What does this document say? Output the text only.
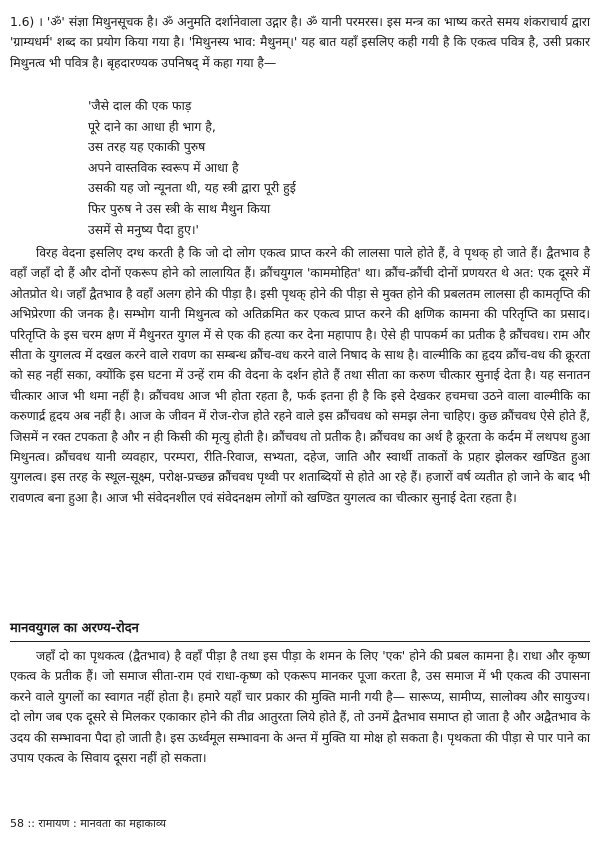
1.6) । 'ॐ' संज्ञा मिथुनसूचक है। ॐ अनुमति दर्शानेवाला उद्गार है। ॐ यानी परमरस। इस मन्त्र का भाष्य करते समय शंकराचार्य द्वारा 'ग्राम्यधर्म' शब्द का प्रयोग किया गया है। 'मिथुनस्य भाव: मैथुनम्।' यह बात यहाँ इसलिए कही गयी है कि एकत्व पवित्र है, उसी प्रकार मिथुनत्व भी पवित्र है। बृहदारण्यक उपनिषद् में कहा गया है—

'जैसे दाल की एक फाड़
पूरे दाने का आधा ही भाग है,
उस तरह यह एकाकी पुरुष
अपने वास्तविक स्वरूप में आधा है
उसकी यह जो न्यूनता थी, यह स्त्री द्वारा पूरी हुई
फिर पुरुष ने उस स्त्री के साथ मैथुन किया
उसमें से मनुष्य पैदा हुए।'

विरह वेदना इसलिए दग्ध करती है कि जो दो लोग एकत्व प्राप्त करने की लालसा पाले होते हैं, वे पृथक् हो जाते हैं। द्वैतभाव है वहाँ जहाँ दो हैं और दोनों एकरूप होने को लालायित हैं। क्रौंचयुगल 'काममोहित' था। क्रौंच-क्रौंची दोनों प्रणयरत थे अत: एक दूसरे में ओतप्रोत थे। जहाँ द्वैतभाव है वहाँ अलग होने की पीड़ा है। इसी पृथक् होने की पीड़ा से मुक्त होने की प्रबलतम लालसा ही कामतृप्ति की अभिप्रेरणा की जनक है। सम्भोग यानी मिथुनत्व को अतिक्रमित कर एकत्व प्राप्त करने की क्षणिक कामना की परितृप्ति का प्रसाद। परितृप्ति के इस चरम क्षण में मैथुनरत युगल में से एक की हत्या कर देना महापाप है। ऐसे ही पापकर्म का प्रतीक है क्रौंचवध। राम और सीता के युगलत्व में दखल करने वाले रावण का सम्बन्ध क्रौंच-वध करने वाले निषाद के साथ है। वाल्मीकि का हृदय क्रौंच-वध की क्रूरता को सह नहीं सका, क्योंकि इस घटना में उन्हें राम की वेदना के दर्शन होते हैं तथा सीता का करुण चीत्कार सुनाई देता है। यह सनातन चीत्कार आज भी थमा नहीं है। क्रौंचवध आज भी होता रहता है, फर्क इतना ही है कि इसे देखकर हचमचा उठने वाला वाल्मीकि का करुणार्द्र हृदय अब नहीं है। आज के जीवन में रोज-रोज होते रहने वाले इस क्रौंचवध को समझ लेना चाहिए। कुछ क्रौंचवध ऐसे होते हैं, जिसमें न रक्त टपकता है और न ही किसी की मृत्यु होती है। क्रौंचवध तो प्रतीक है। क्रौंचवध का अर्थ है क्रूरता के कर्दम में लथपथ हुआ मिथुनत्व। क्रौंचवध यानी व्यवहार, परम्परा, रीति-रिवाज, सभ्यता, दहेज, जाति और स्वार्थी ताकतों के प्रहार झेलकर खण्डित हुआ युगलत्व। इस तरह के स्थूल-सूक्ष्म, परोक्ष-प्रच्छन्न क्रौंचवध पृथ्वी पर शताब्दियों से होते आ रहे हैं। हजारों वर्ष व्यतीत हो जाने के बाद भी रावणत्व बना हुआ है। आज भी संवेदनशील एवं संवेदनक्षम लोगों को खण्डित युगलत्व का चीत्कार सुनाई देता रहता है।

मानवयुगल का अरण्य-रोदन

जहाँ दो का पृथकत्व (द्वैतभाव) है वहाँ पीड़ा है तथा इस पीड़ा के शमन के लिए 'एक' होने की प्रबल कामना है। राधा और कृष्ण एकत्व के प्रतीक हैं। जो समाज सीता-राम एवं राधा-कृष्ण को एकरूप मानकर पूजा करता है, उस समाज में भी एकत्व की उपासना करने वाले युगलों का स्वागत नहीं होता है। हमारे यहाँ चार प्रकार की मुक्ति मानी गयी है— सारूप्य, सामीप्य, सालोक्य और सायुज्य। दो लोग जब एक दूसरे से मिलकर एकाकार होने की तीव्र आतुरता लिये होते हैं, तो उनमें द्वैतभाव समाप्त हो जाता है और अद्वैतभाव के उदय की सम्भावना पैदा हो जाती है। इस ऊर्ध्वमूल सम्भावना के अन्त में मुक्ति या मोक्ष हो सकता है। पृथकता की पीड़ा से पार पाने का उपाय एकत्व के सिवाय दूसरा नहीं हो सकता।

58 :: रामायण : मानवता का महाकाव्य
